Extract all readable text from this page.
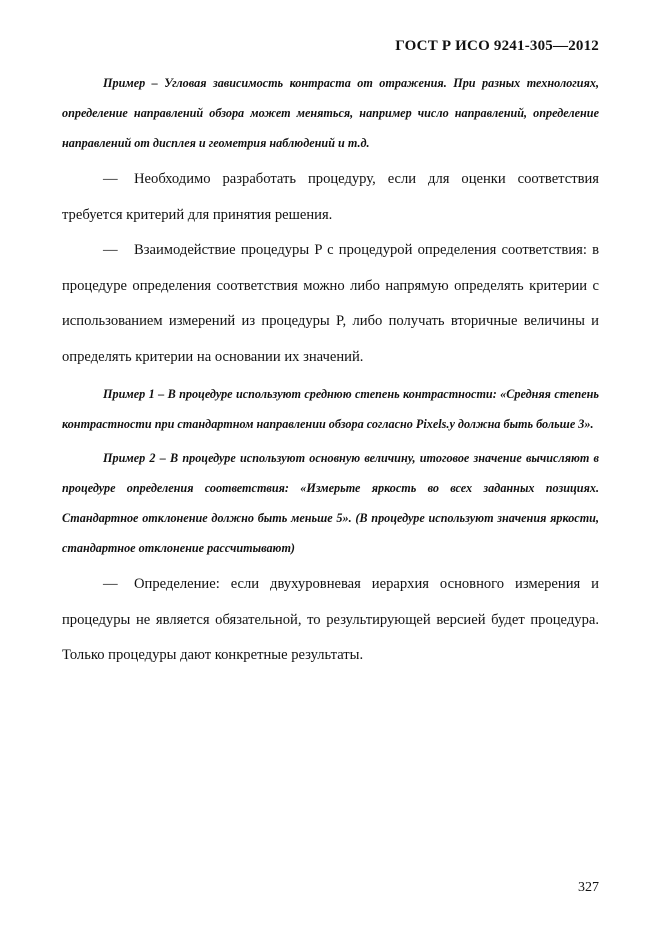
ГОСТ Р ИСО 9241-305—2012

Пример – Угловая зависимость контраста от отражения. При разных технологиях, определение направлений обзора может меняться, например число направлений, определение направлений от дисплея и геометрия наблюдений и т.д.

— Необходимо разработать процедуру, если для оценки соответствия требуется критерий для принятия решения.

— Взаимодействие процедуры P с процедурой определения соответствия: в процедуре определения соответствия можно либо напрямую определять критерии с использованием измерений из процедуры P, либо получать вторичные величины и определять критерии на основании их значений.

Пример 1 – В процедуре используют среднюю степень контрастности: «Средняя степень контрастности при стандартном направлении обзора согласно Pixels.y должна быть больше 3».

Пример 2 – В процедуре используют основную величину, итоговое значение вычисляют в процедуре определения соответствия: «Измерьте яркость во всех заданных позициях. Стандартное отклонение должно быть меньше 5». (В процедуре используют значения яркости, стандартное отклонение рассчитывают)

— Определение: если двухуровневая иерархия основного измерения и процедуры не является обязательной, то результирующей версией будет процедура. Только процедуры дают конкретные результаты.

327
